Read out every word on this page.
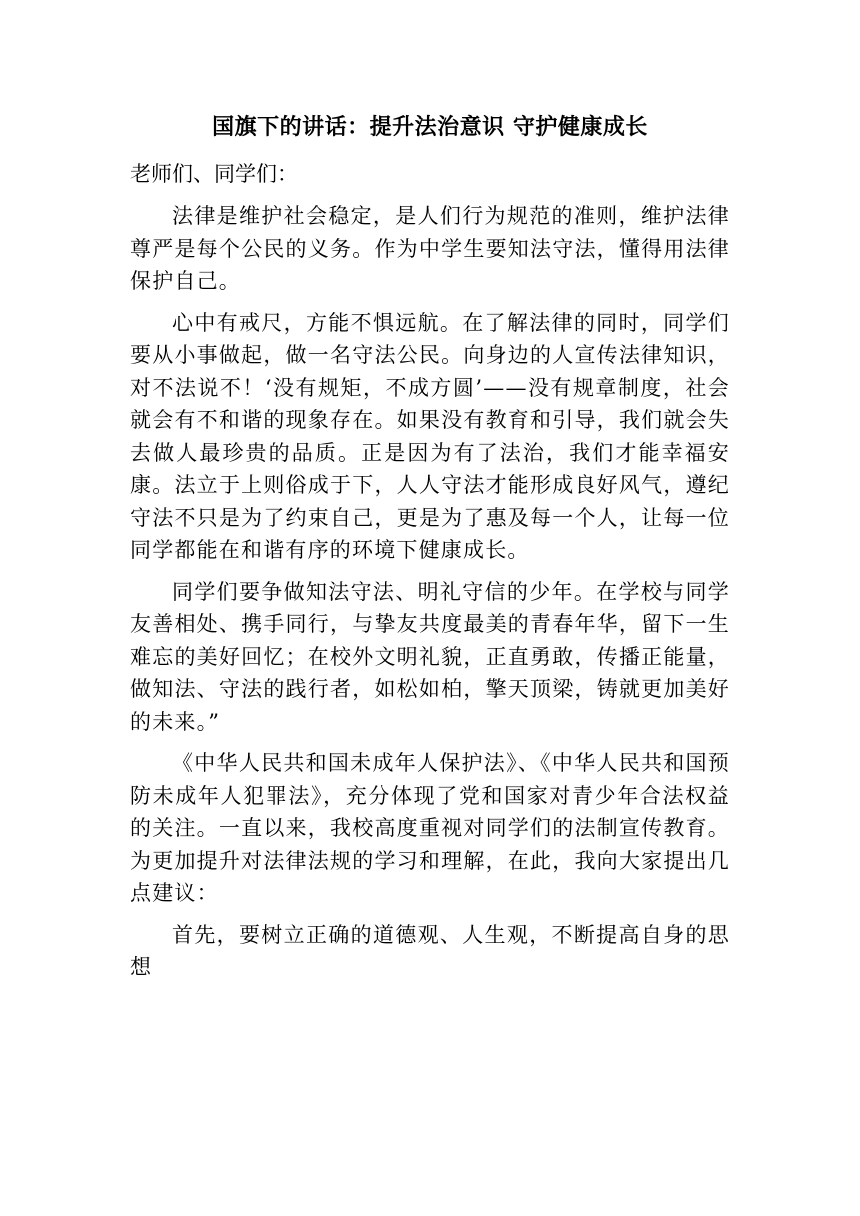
国旗下的讲话：提升法治意识 守护健康成长

老师们、同学们：

法律是维护社会稳定，是人们行为规范的准则，维护法律尊严是每个公民的义务。作为中学生要知法守法，懂得用法律保护自己。

心中有戒尺，方能不惧远航。在了解法律的同时，同学们要从小事做起，做一名守法公民。向身边的人宣传法律知识，对不法说不！‘没有规矩，不成方圆’——没有规章制度，社会就会有不和谐的现象存在。如果没有教育和引导，我们就会失去做人最珍贵的品质。正是因为有了法治，我们才能幸福安康。法立于上则俗成于下，人人守法才能形成良好风气，遵纪守法不只是为了约束自己，更是为了惠及每一个人，让每一位同学都能在和谐有序的环境下健康成长。

同学们要争做知法守法、明礼守信的少年。在学校与同学友善相处、携手同行，与挚友共度最美的青春年华，留下一生难忘的美好回忆；在校外文明礼貌，正直勇敢，传播正能量，做知法、守法的践行者，如松如柏，擎天顶梁，铸就更加美好的未来。”

《中华人民共和国未成年人保护法》、《中华人民共和国预防未成年人犯罪法》，充分体现了党和国家对青少年合法权益的关注。一直以来，我校高度重视对同学们的法制宣传教育。为更加提升对法律法规的学习和理解，在此，我向大家提出几点建议：

首先，要树立正确的道德观、人生观，不断提高自身的思想
